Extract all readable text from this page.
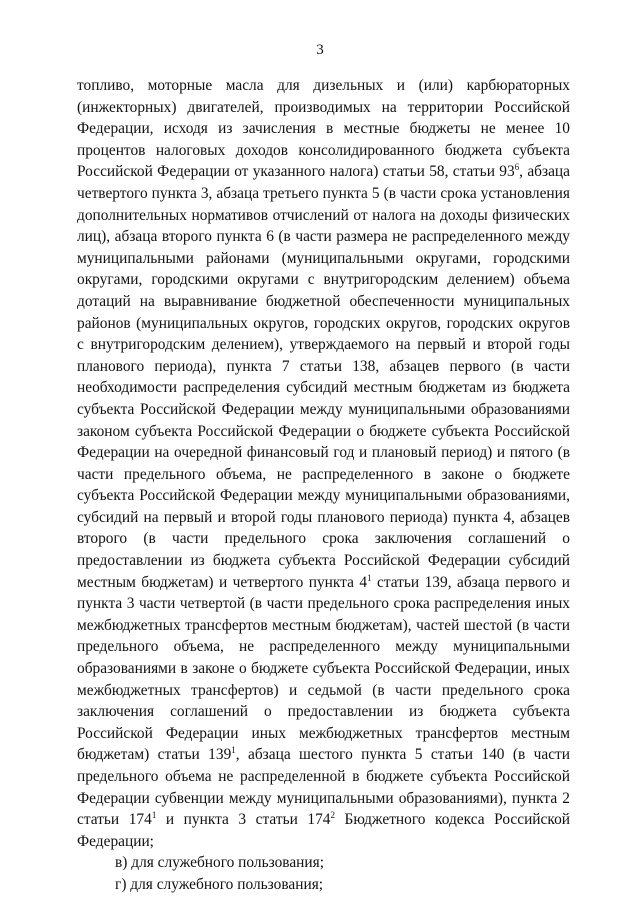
3

топливо, моторные масла для дизельных и (или) карбюраторных (инжекторных) двигателей, производимых на территории Российской Федерации, исходя из зачисления в местные бюджеты не менее 10 процентов налоговых доходов консолидированного бюджета субъекта Российской Федерации от указанного налога) статьи 58, статьи $93^6$, абзаца четвертого пункта 3, абзаца третьего пункта 5 (в части срока установления дополнительных нормативов отчислений от налога на доходы физических лиц), абзаца второго пункта 6 (в части размера не распределенного между муниципальными районами (муниципальными округами, городскими округами, городскими округами с внутригородским делением) объема дотаций на выравнивание бюджетной обеспеченности муниципальных районов (муниципальных округов, городских округов, городских округов с внутригородским делением), утверждаемого на первый и второй годы планового периода), пункта 7 статьи 138, абзацев первого (в части необходимости распределения субсидий местным бюджетам из бюджета субъекта Российской Федерации между муниципальными образованиями законом субъекта Российской Федерации о бюджете субъекта Российской Федерации на очередной финансовый год и плановый период) и пятого (в части предельного объема, не распределенного в законе о бюджете субъекта Российской Федерации между муниципальными образованиями, субсидий на первый и второй годы планового периода) пункта 4, абзацев второго (в части предельного срока заключения соглашений о предоставлении из бюджета субъекта Российской Федерации субсидий местным бюджетам) и четвертого пункта $4^1$ статьи 139, абзаца первого и пункта 3 части четвертой (в части предельного срока распределения иных межбюджетных трансфертов местным бюджетам), частей шестой (в части предельного объема, не распределенного между муниципальными образованиями в законе о бюджете субъекта Российской Федерации, иных межбюджетных трансфертов) и седьмой (в части предельного срока заключения соглашений о предоставлении из бюджета субъекта Российской Федерации иных межбюджетных трансфертов местным бюджетам) статьи $139^1$, абзаца шестого пункта 5 статьи 140 (в части предельного объема не распределенной в бюджете субъекта Российской Федерации субвенции между муниципальными образованиями), пункта 2 статьи $174^1$ и пункта 3 статьи $174^2$ Бюджетного кодекса Российской Федерации;

в) для служебного пользования;

г) для служебного пользования;
